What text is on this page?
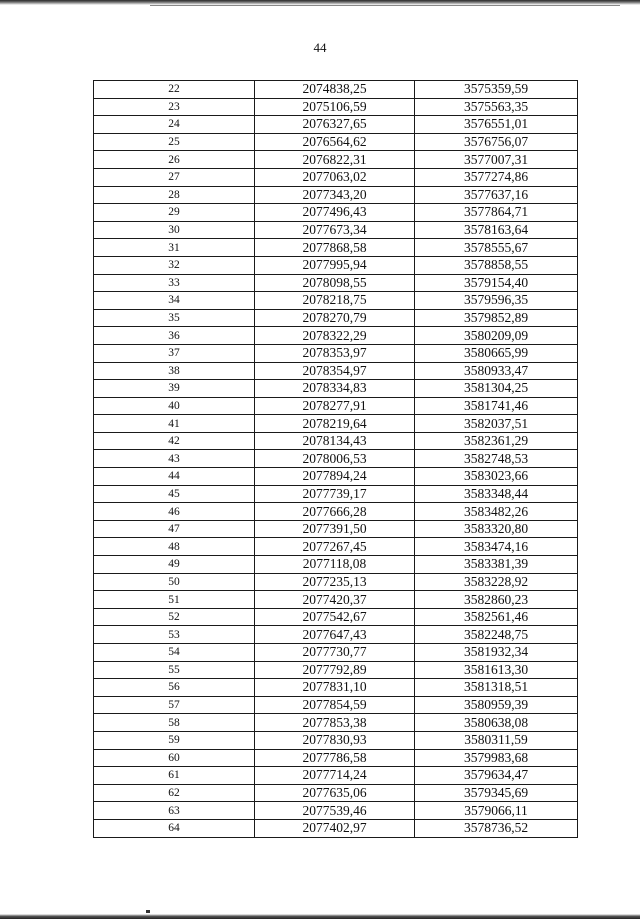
44
22	2074838,25	3575359,59
23	2075106,59	3575563,35
24	2076327,65	3576551,01
25	2076564,62	3576756,07
26	2076822,31	3577007,31
27	2077063,02	3577274,86
28	2077343,20	3577637,16
29	2077496,43	3577864,71
30	2077673,34	3578163,64
31	2077868,58	3578555,67
32	2077995,94	3578858,55
33	2078098,55	3579154,40
34	2078218,75	3579596,35
35	2078270,79	3579852,89
36	2078322,29	3580209,09
37	2078353,97	3580665,99
38	2078354,97	3580933,47
39	2078334,83	3581304,25
40	2078277,91	3581741,46
41	2078219,64	3582037,51
42	2078134,43	3582361,29
43	2078006,53	3582748,53
44	2077894,24	3583023,66
45	2077739,17	3583348,44
46	2077666,28	3583482,26
47	2077391,50	3583320,80
48	2077267,45	3583474,16
49	2077118,08	3583381,39
50	2077235,13	3583228,92
51	2077420,37	3582860,23
52	2077542,67	3582561,46
53	2077647,43	3582248,75
54	2077730,77	3581932,34
55	2077792,89	3581613,30
56	2077831,10	3581318,51
57	2077854,59	3580959,39
58	2077853,38	3580638,08
59	2077830,93	3580311,59
60	2077786,58	3579983,68
61	2077714,24	3579634,47
62	2077635,06	3579345,69
63	2077539,46	3579066,11
64	2077402,97	3578736,52
